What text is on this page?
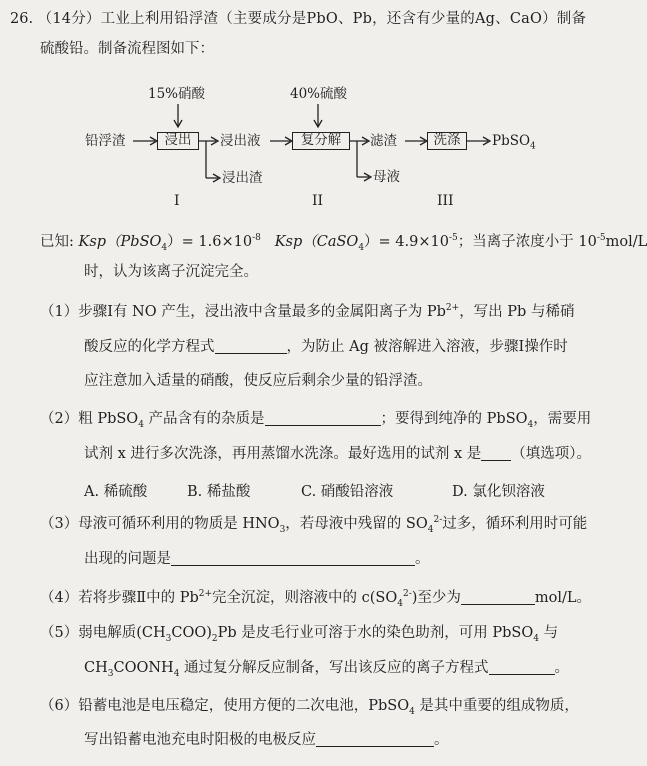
26. （14分）工业上利用铅浮渣（主要成分是PbO、Pb，还含有少量的Ag、CaO）制备
硫酸铅。制备流程图如下：
15%硝酸	40%硫酸
铅浮渣	浸出	浸出液	复分解	滤渣	洗涤	PbSO$_4$
浸出渣	母液
I	II	III
已知: Ksp（PbSO$_4$）= $1.6\times 10^{-8}$ Ksp（CaSO$_4$）= $4.9\times 10^{-5}$；当离子浓度小于 $10^{-5}mol/L$
时，认为该离子沉淀完全。
（1）步骤Ⅰ有 NO 产生，浸出液中含量最多的金属阳离子为 $Pb^{2+}$，写出 Pb 与稀硝
酸反应的化学方程式	，为防止 Ag 被溶解进入溶液，步骤Ⅰ操作时
应注意加入适量的硝酸，使反应后剩余少量的铅浮渣。
（2）粗 PbSO$_4$ 产品含有的杂质是	；要得到纯净的 PbSO$_4$，需要用
试剂 x 进行多次洗涤，再用蒸馏水洗涤。最好选用的试剂 x 是 （填选项）。
A. 稀硫酸	B. 稀盐酸	C. 硝酸铅溶液	D. 氯化钡溶液
（3）母液可循环利用的物质是 $HNO_3$，若母液中残留的 $SO_4^{2-}$过多，循环利用时可能
出现的问题是	。
（4）若将步骤Ⅱ中的 $Pb^{2+}$完全沉淀，则溶液中的 $c(SO_4^{2-})$至少为	mol/L。
（5）弱电解质$(CH_3COO)_2Pb$ 是皮毛行业可溶于水的染色助剂，可用 PbSO$_4$ 与
$CH_3COONH_4$ 通过复分解反应制备，写出该反应的离子方程式	。
（6）铅蓄电池是电压稳定，使用方便的二次电池，PbSO$_4$ 是其中重要的组成物质，
写出铅蓄电池充电时阳极的电极反应	。
